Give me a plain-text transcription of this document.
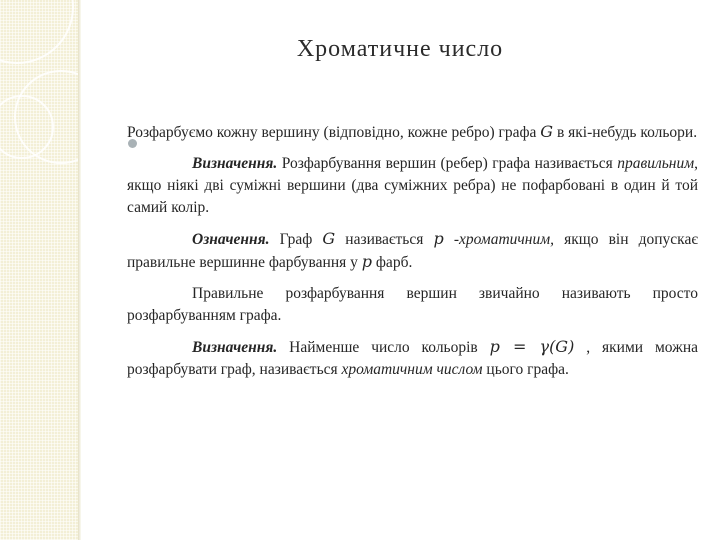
Хроматичне число

Розфарбуємо кожну вершину (відповідно, кожне ребро) графа G в які-небудь кольори.

Визначення. Розфарбування вершин (ребер) графа називається правильним, якщо ніякі дві суміжні вершини (два суміжних ребра) не пофарбовані в один й той самий колір.

Означення. Граф G називається p -хроматичним, якщо він допускає правильне вершинне фарбування у p фарб.

Правильне розфарбування вершин звичайно називають просто розфарбуванням графа.

Визначення. Найменше число кольорів p = γ(G) , якими можна розфарбувати граф, називається хроматичним числом цього графа.
